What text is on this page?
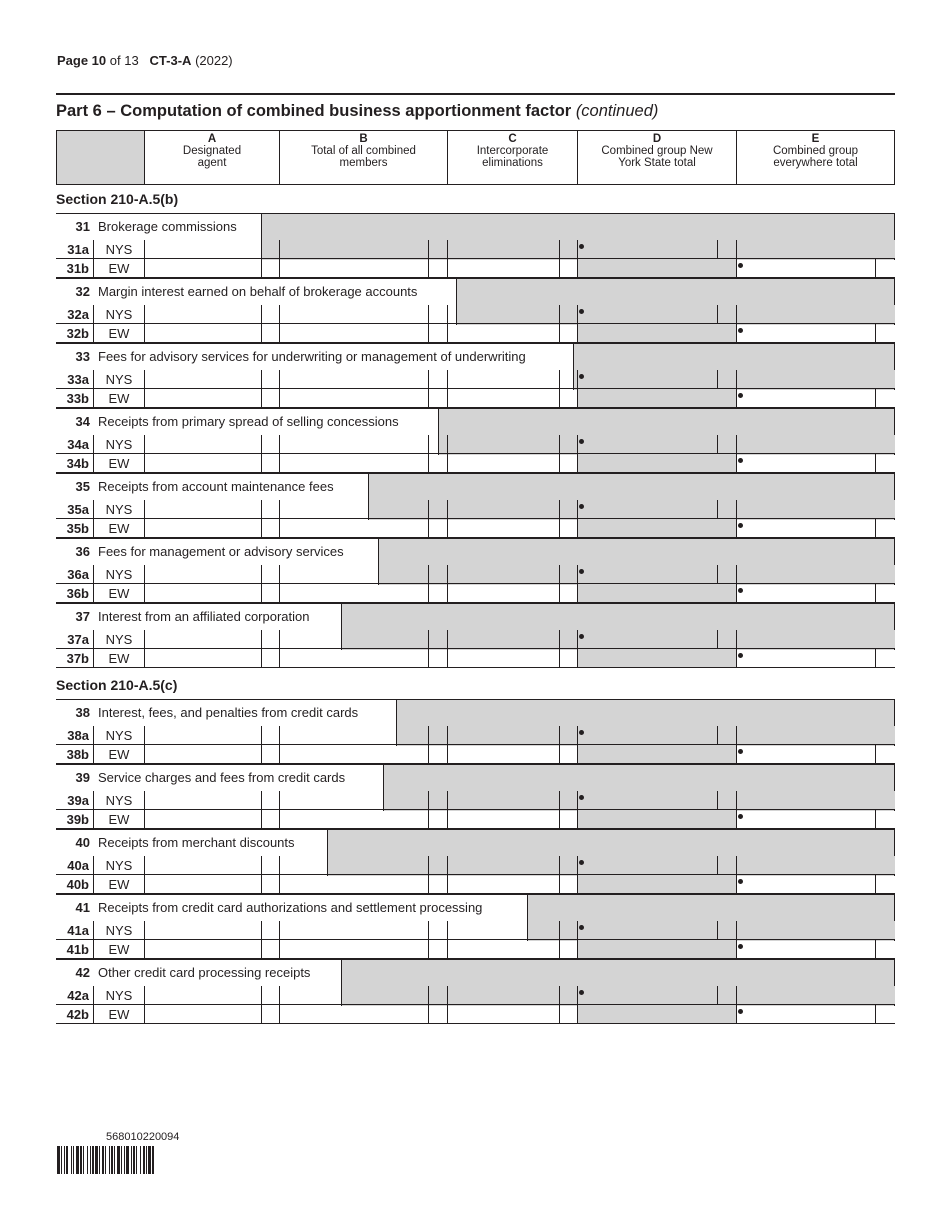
Page 10 of 13 CT-3-A (2022)
Part 6 – Computation of combined business apportionment factor (continued)
A
Designated agent
B
Total of all combined members
C
Intercorporate eliminations
D
Combined group New York State total
E
Combined group everywhere total
Section 210-A.5(b)
31 Brokerage commissions
31a	NYS
31b	EW
32 Margin interest earned on behalf of brokerage accounts
32a	NYS
32b	EW
33 Fees for advisory services for underwriting or management of underwriting
33a	NYS
33b	EW
34 Receipts from primary spread of selling concessions
34a	NYS
34b	EW
35 Receipts from account maintenance fees
35a	NYS
35b	EW
36 Fees for management or advisory services
36a	NYS
36b	EW
37 Interest from an affiliated corporation
37a	NYS
37b	EW
Section 210-A.5(c)
38 Interest, fees, and penalties from credit cards
38a	NYS
38b	EW
39 Service charges and fees from credit cards
39a	NYS
39b	EW
40 Receipts from merchant discounts
40a	NYS
40b	EW
41 Receipts from credit card authorizations and settlement processing
41a	NYS
41b	EW
42 Other credit card processing receipts
42a	NYS
42b	EW
568010220094
